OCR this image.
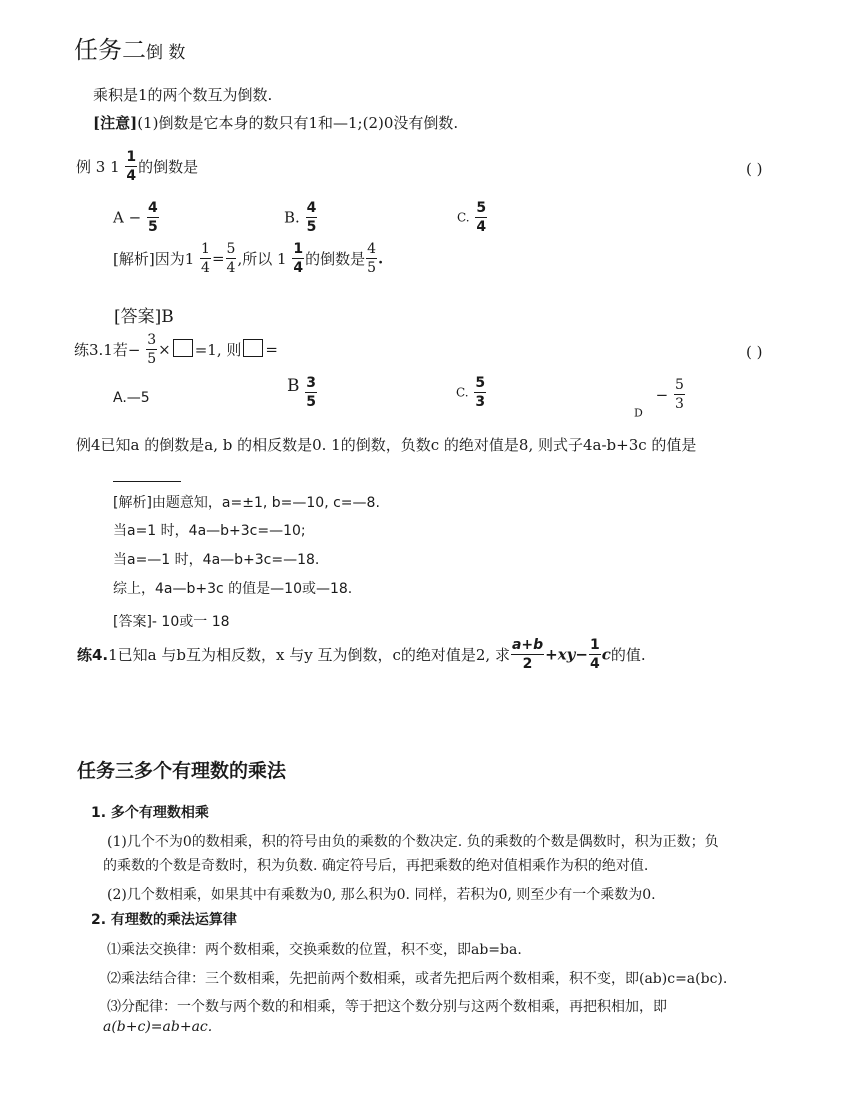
任务二倒 数
乘积是1的两个数互为倒数.
[注意](1)倒数是它本身的数只有1和—1;(2)0没有倒数.
例 3 $1 \frac{1}{4}$ 的倒数是	( )
$A - \frac{4}{5}$	B. $\frac{4}{5}$	C. $\frac{5}{4}$
[解析]因为$1 \frac{1}{4} = \frac{5}{4}$ ,所以 $1 \frac{1}{4}$ 的倒数是 $\frac{4}{5}$ .
[答案]B
练3.1若− $\frac{3}{5} \times =1$, 则 =	( )
A.—5
B $\frac{3}{5}$	C. $\frac{5}{3}$
$_D - \frac{5}{3}$
例4已知a 的倒数是a, b 的相反数是0. 1的倒数，负数c 的绝对值是8, 则式子4a-b+3c 的值是
[解析]由题意知，a=±1, b=—10, c=—8.
当a=1 时，4a—b+3c=—10;
当a=—1 时，4a—b+3c=—18.
综上，4a—b+3c 的值是—10或—18.
[答案]- 10或一 18
练4.1已知a 与b互为相反数，x 与y 互为倒数，c的绝对值是2, 求 $\frac{a+b}{2} +xy- \frac{1}{4}$ c的值.
任务三多个有理数的乘法
1. 多个有理数相乘
(1)几个不为0的数相乘，积的符号由负的乘数的个数决定. 负的乘数的个数是偶数时，积为正数；负
的乘数的个数是奇数时，积为负数. 确定符号后，再把乘数的绝对值相乘作为积的绝对值.
(2)几个数相乘，如果其中有乘数为0, 那么积为0. 同样，若积为0, 则至少有一个乘数为0.
2. 有理数的乘法运算律
⑴乘法交换律：两个数相乘，交换乘数的位置，积不变，即ab=ba.
⑵乘法结合律：三个数相乘，先把前两个数相乘，或者先把后两个数相乘，积不变，即(ab)c=a(bc).
⑶分配律：一个数与两个数的和相乘，等于把这个数分别与这两个数相乘，再把积相加，即
a(b+c)=ab+ac.
